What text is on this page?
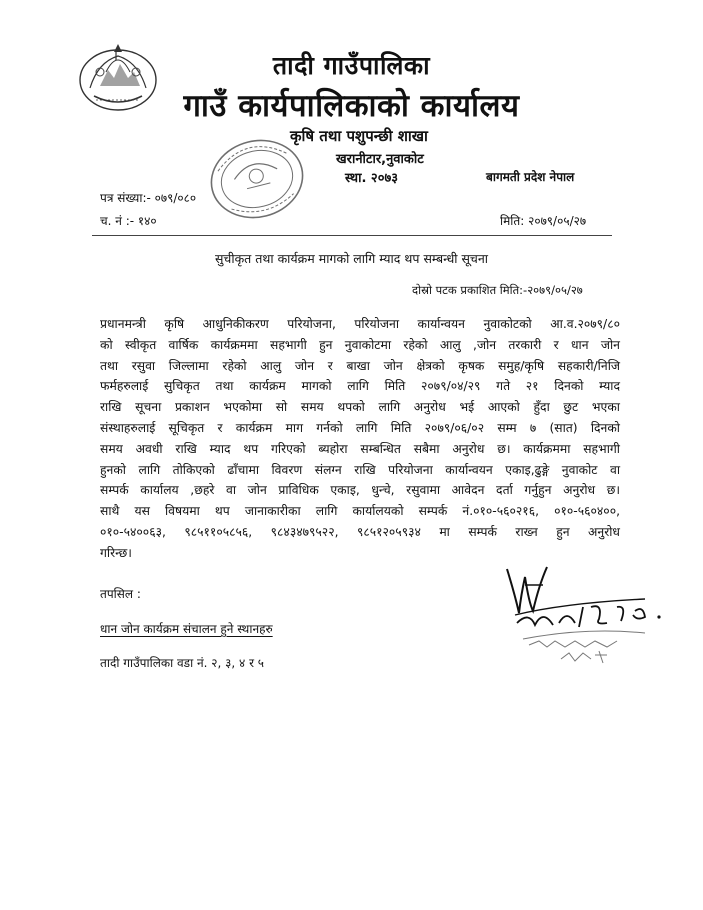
तादी गाउँपालिका
गाउँ कार्यपालिकाको कार्यालय
कृषि तथा पशुपन्छी शाखा
खरानीटार,नुवाकोट
स्था. २०७३	बागमती प्रदेश नेपाल
पत्र संख्या:- ०७९/०८०
च. नं :- १४०	मिति: २०७९/०५/२७
सुचीकृत तथा कार्यक्रम मागको लागि म्याद थप सम्बन्धी सूचना
दोस्रो पटक प्रकाशित मिति:-२०७९/०५/२७
प्रधानमन्त्री कृषि आधुनिकीकरण परियोजना, परियोजना कार्यान्वयन नुवाकोटको आ.व.२०७९/८०
को स्वीकृत वार्षिक कार्यक्रममा सहभागी हुन नुवाकोटमा रहेको आलु ,जोन तरकारी र धान जोन
तथा रसुवा जिल्लामा रहेको आलु जोन र बाखा जोन क्षेत्रको कृषक समुह/कृषि सहकारी/निजि
फर्महरुलाई सुचिकृत तथा कार्यक्रम मागको लागि मिति २०७९/०४/२९ गते २१ दिनको म्याद
राखि सूचना प्रकाशन भएकोमा सो समय थपको लागि अनुरोध भई आएको हुँदा छुट भएका
संस्थाहरुलाई सूचिकृत र कार्यक्रम माग गर्नको लागि मिति २०७९/०६/०२ सम्म ७ (सात) दिनको
समय अवधी राखि म्याद थप गरिएको ब्यहोरा सम्बन्धित सबैमा अनुरोध छ। कार्यक्रममा सहभागी
हुनको लागि तोकिएको ढाँचामा विवरण संलग्न राखि परियोजना कार्यान्वयन एकाइ,ढुङ्गे नुवाकोट वा
सम्पर्क कार्यालय ,छहरे वा जोन प्राविधिक एकाइ, धुन्चे, रसुवामा आवेदन दर्ता गर्नुहुन अनुरोध छ।
साथै यस विषयमा थप जानाकारीका लागि कार्यालयको सम्पर्क नं.०१०-५६०२१६, ०१०-५६०४००,
०१०-५४००६३, ९८५११०५८५६, ९८४३४७९५२२, ९८५१२०५९३४ मा सम्पर्क राख्न हुन अनुरोध
गरिन्छ।
तपसिल :
धान जोन कार्यक्रम संचालन हुने स्थानहरु
तादी गाउँपालिका वडा नं. २, ३, ४ र ५
